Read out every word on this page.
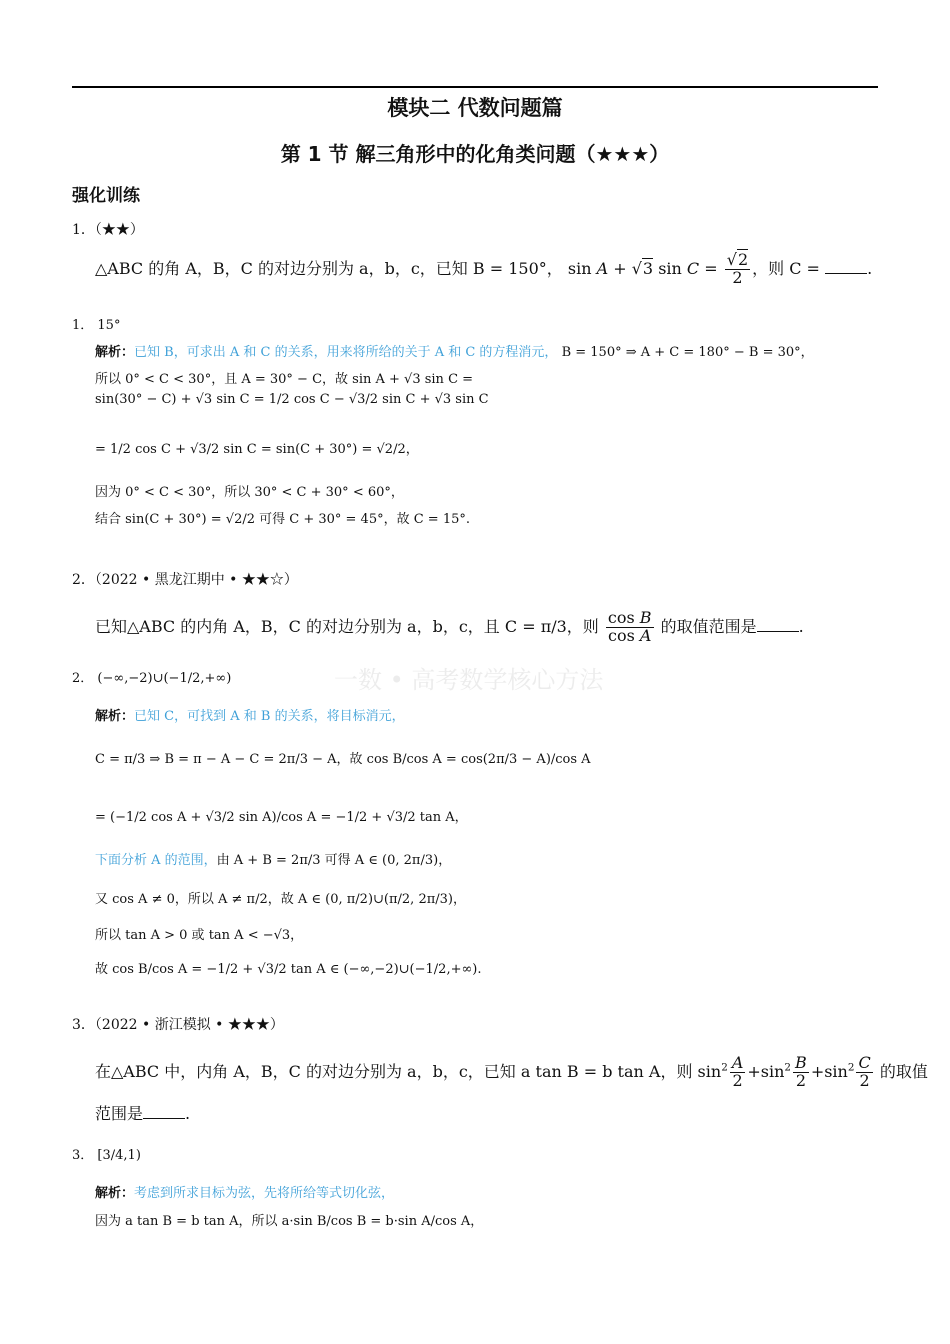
模块二 代数问题篇
第 1 节 解三角形中的化角类问题（★★★）
强化训练
1．（★★）
△ABC 的角 A，B，C 的对边分别为 a，b，c，已知 B = 150°， sin A + √3 $\sin C = \frac{√2}{2}$ ，则 C =	.
1． 15°
解析：已知 B，可求出 A 和 C 的关系，用来将所给的关于 A 和 C 的方程消元， B = 150° ⇒ A + C = 180° − B = 30°，
所以 0° < C < 30°，且 A = 30° − C，故 sin A + √3 sin C =
sin(30° − C) + √3 sin C = 1/2 cos C − √3/2 sin C + √3 sin C
= 1/2 cos C + √3/2 sin C = sin(C + 30°) = √2/2，
因为 0° < C < 30°，所以 30° < C + 30° < 60°，
结合 sin(C + 30°) = √2/2 可得 C + 30° = 45°，故 C = 15°.
2．（2022 • 黑龙江期中 • ★★☆）
已知△ABC 的内角 A，B，C 的对边分别为 a，b，c，且 C = π/3，则 $\frac{\text{cos B}}{\text{cos A}}$ 的取值范围是	.
一数 • 高考数学核心方法
2． (−∞,−2)∪(−1/2,+∞)
解析：已知 C，可找到 A 和 B 的关系，将目标消元，
C = π/3 ⇒ B = π − A − C = 2π/3 − A，故 cos B/cos A = cos(2π/3 − A)/cos A
= (−1/2 cos A + √3/2 sin A)/cos A = −1/2 + √3/2 tan A，
下面分析 A 的范围，由 A + B = 2π/3 可得 A ∈ (0, 2π/3)，
又 cos A ≠ 0，所以 A ≠ π/2，故 A ∈ (0, π/2)∪(π/2, 2π/3)，
所以 tan A > 0 或 tan A < −√3，
故 cos B/cos A = −1/2 + √3/2 tan A ∈ (−∞,−2)∪(−1/2,+∞).
3．（2022 • 浙江模拟 • ★★★）
在△ABC 中，内角 A，B，C 的对边分别为 a，b，c，已知 a tan B = b tan A，则 $\sin^2 \frac{A}{2} +\sin^2 \frac{B}{2} +\sin^2 \frac{C}{2}$ 的取值
范围是	.
3． [3/4,1)
解析：考虑到所求目标为弦，先将所给等式切化弦，
因为 a tan B = b tan A，所以 a·sin B/cos B = b·sin A/cos A，
